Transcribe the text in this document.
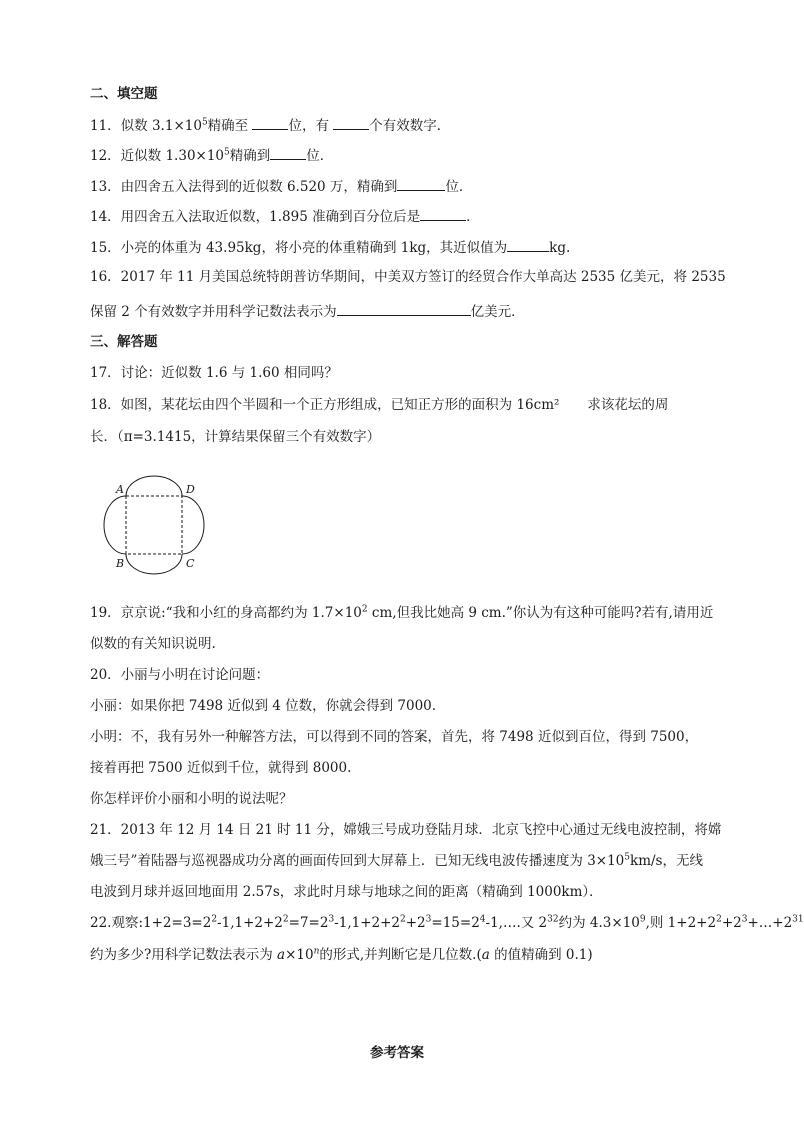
二、填空题
11．似数 $3.1\times 10^5$精确至	位，有	个有效数字．
12．近似数 $1.30\times 10^5$精确到	位．
13．由四舍五入法得到的近似数 6.520 万，精确到	位．
14．用四舍五入法取近似数，1.895 准确到百分位后是	．
15．小亮的体重为 43.95kg，将小亮的体重精确到 1kg，其近似值为	kg.
16．2017 年 11 月美国总统特朗普访华期间，中美双方签订的经贸合作大单高达 2535 亿美元，将 2535
保留 2 个有效数字并用科学记数法表示为	亿美元．
三、解答题
17．讨论：近似数 1.6 与 1.60 相同吗？
18．如图，某花坛由四个半圆和一个正方形组成，已知正方形的面积为 16cm² 求该花坛的周
长．（π=3.1415，计算结果保留三个有效数字）
A	D
B	C
19．京京说:“我和小红的身高都约为 $1.7\times 10^2$ cm,但我比她高 9 cm.”你认为有这种可能吗?若有,请用近
似数的有关知识说明.
20．小丽与小明在讨论问题：
小丽：如果你把 7498 近似到 4 位数，你就会得到 7000.
小明：不，我有另外一种解答方法，可以得到不同的答案，首先，将 7498 近似到百位，得到 7500，
接着再把 7500 近似到千位，就得到 8000.
你怎样评价小丽和小明的说法呢？
21．2013 年 12 月 14 日 21 时 11 分，嫦娥三号成功登陆月球．北京飞控中心通过无线电波控制，将嫦
娥三号”着陆器与巡视器成功分离的画面传回到大屏幕上．已知无线电波传播速度为 $3\times 10^5km/s$，无线
电波到月球并返回地面用 2.57s，求此时月球与地球之间的距离（精确到 1000km）．
22.观察$:1+2=3=2^2-1,1+2+2^2=7=2^3-1,1+2+2^2+2^3=15=2^4-1,\dots$.又 $2^{32}$约为 $4.3\times 10^9$,则 $1+2+2^2+2^3+\dots+2^{31}$
约为多少?用科学记数法表示为 $a\times 10^n$的形式,并判断它是几位数.(a 的值精确到 0.1)
参考答案
